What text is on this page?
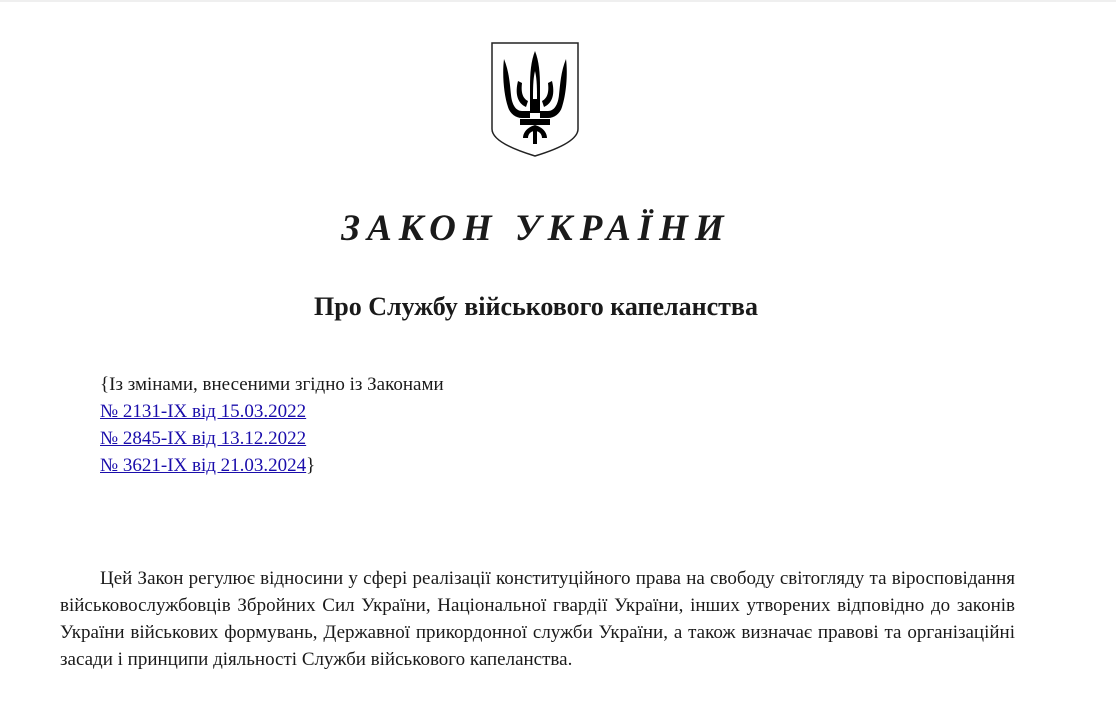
ЗАКОН УКРАЇНИ
Про Службу військового капеланства
{Із змінами, внесеними згідно із Законами
№ 2131-IX від 15.03.2022
№ 2845-IX від 13.12.2022
№ 3621-IX від 21.03.2024}

Цей Закон регулює відносини у сфері реалізації конституційного права на свободу світогляду та віросповідання військовослужбовців Збройних Сил України, Національної гвардії України, інших утворених відповідно до законів України військових формувань, Державної прикордонної служби України, а також визначає правові та організаційні засади і принципи діяльності Служби військового капеланства.
